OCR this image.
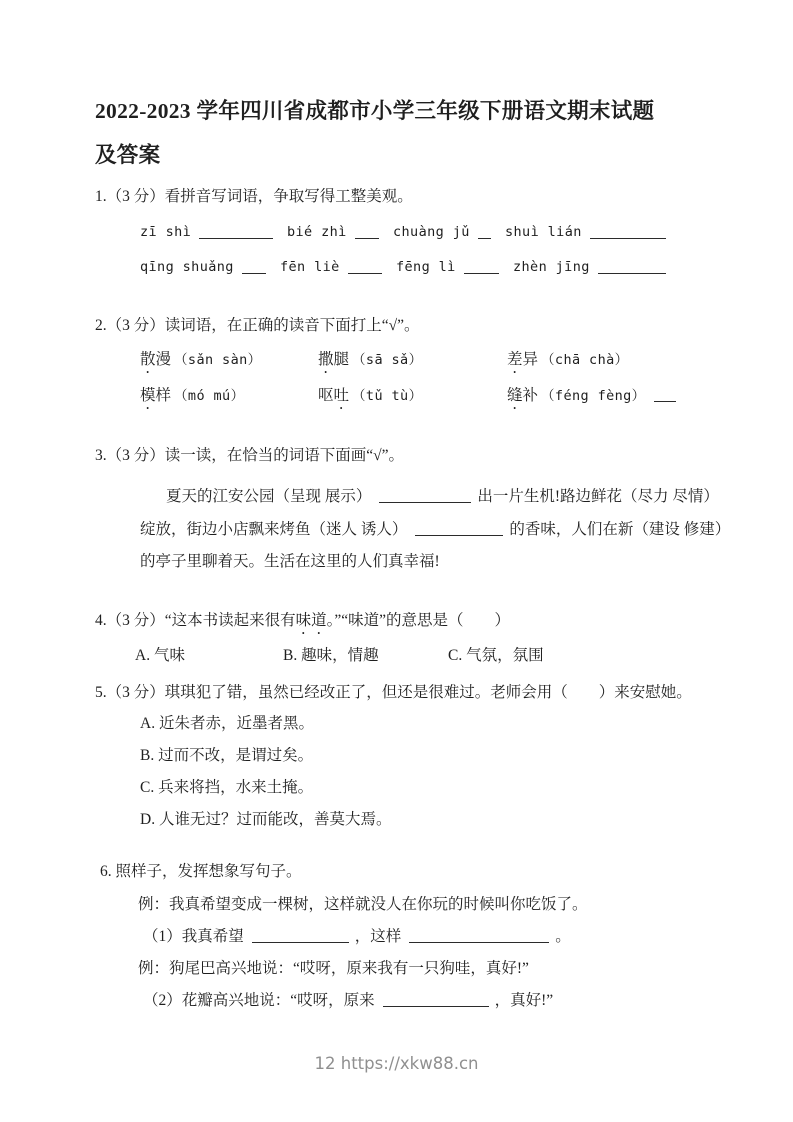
2022-2023 学年四川省成都市小学三年级下册语文期末试题
及答案
1.（3 分）看拼音写词语，争取写得工整美观。
zī shì	bié zhì	chuàng jǔ	shuì lián
qīng shuǎng	fēn liè	fēng lì	zhèn jīng
2.（3 分）读词语，在正确的读音下面打上“√”。
散漫 （sǎn sàn）	撒腿 （sā sǎ）	差异 （chā chà）
模样 （mó mú）	呕吐 （tǔ tù）	缝补 （féng fèng）
3.（3 分）读一读，在恰当的词语下面画“√”。
夏天的江安公园（呈现 展示）	出一片生机!路边鲜花（尽力 尽情）
绽放，街边小店飘来烤鱼（迷人 诱人）	的香味，人们在新（建设 修建）
的亭子里聊着天。生活在这里的人们真幸福!
4.（3 分）“这本书读起来很有味道。”“味道”的意思是（　　）
A. 气味	B. 趣味，情趣	C. 气氛，氛围
5.（3 分）琪琪犯了错，虽然已经改正了，但还是很难过。老师会用（　　）来安慰她。
A. 近朱者赤，近墨者黑。
B. 过而不改，是谓过矣。
C. 兵来将挡，水来土掩。
D. 人谁无过？过而能改，善莫大焉。
6. 照样子，发挥想象写句子。
例：我真希望变成一棵树，这样就没人在你玩的时候叫你吃饭了。
（1）我真希望	，这样	。
例：狗尾巴高兴地说：“哎呀，原来我有一只狗哇，真好!”
（2）花瓣高兴地说：“哎呀，原来	，真好!”
12 https://xkw88.cn
